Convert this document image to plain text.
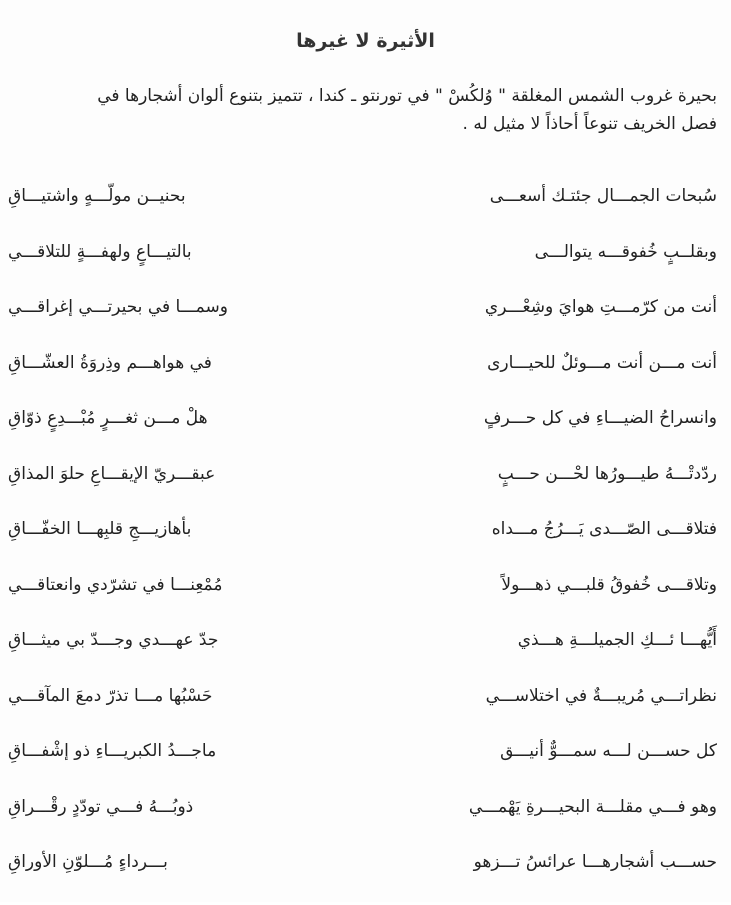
الأثيرة لا غيرها

بحيرة غروب الشمس المغلقة " وُلكُسْ " في تورنتو ـ كندا ، تتميز بتنوع ألوان أشجارها في

فصل الخريف تنوعاً أحاذاً لا مثيل له .

سُبحات الجمـــال جئتـك أسعـــى
بحنيــن مولّـــهٍ واشتيـــاقِ
وبقلــبٍ خُفوقـــه يتوالـــى
بالتيـــاعٍ ولهفـــةٍ للتلاقـــي
أنت من كرّمـــتِ هوايَ وشِعْـــري
وسمـــا في بحيرتـــي إغراقـــي
أنت مـــن أنت مـــوئلٌ للحيـــارى
في هواهـــم وذِروَةُ العشّـــاقِ
وانسراحُ الضيـــاءِ في كل حـــرفٍ
هلْ مـــن ثغـــرٍ مُبْـــدِعٍ ذوّاقِ
ردّدتْـــهُ طيـــورُها لحْـــن حـــبٍ
عبقـــريّ الإيقـــاعِ حلوَ المذاقِ
فتلاقـــى الصّـــدى يَـــرُجُ مـــداه
بأهازيـــجِ قلبِهـــا الخفّـــاقِ
وتلاقـــى خُفوقُ قلبـــي ذهـــولاً
مُمْعِنـــا في تشرّدي وانعتاقـــي
أَيُّهـــا ئـــكِ الجميلـــةِ هـــذي
جدّ عهـــدي وجـــدّ بي ميثـــاقِ
نظراتـــي مُريبـــةٌ في اختلاســـي
حَسْبُها مـــا تذرّ دمعَ المآقـــي
كل حســـن لـــه سمـــوٌّ أنيـــق
ماجـــدُ الكبريـــاءِ ذو إشْفـــاقِ
وهو فـــي مقلـــة البحيـــرةِ يَهْمـــي
ذوبُـــهُ فـــي تودّدٍ رقْـــراقِ
حســـب أشجارهـــا عرائسُ تـــزهو
بـــرداءٍ مُـــلوّنِ الأوراقِ
